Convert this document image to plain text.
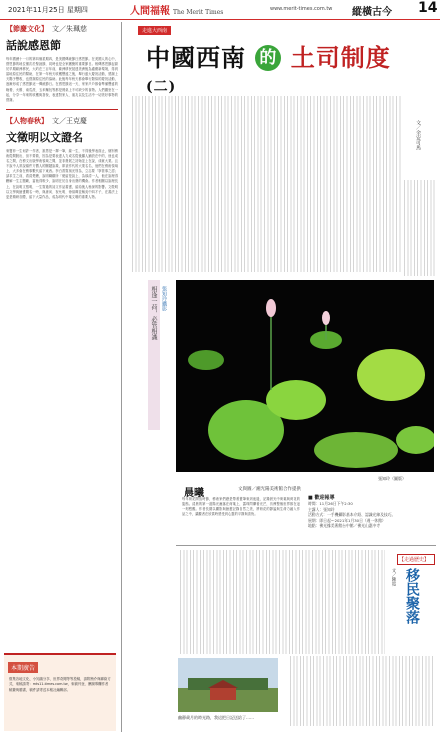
2021年11月25日 星期四	人間福報 The Merit Times	www.merit-times.com.tw 縱橫古今 14
【節慶文化】 文／朱珮慈
話說感恩節
每年國曆十一月的第四個星期四，是美國傳統節日感恩節。在美國人的心中，感恩節的地位僅次於聖誕節，同時也是全家團聚的重要節日。相傳感恩節起源於早期歐洲移民，大約在三百年前，歐洲移民抵達美洲後為適應新環境，得到當地原住民的幫助，在第一年秋天收穫豐盛之後，舉行盛大慶祝活動，感謝上天賜予豐收，也感謝原住民的協助。此後每年秋天都會舉行類似的慶祝活動，逐漸形成了感恩節這一傳統節日。在感恩節這一天，家家戶戶都會準備豐盛的晚餐，火雞、南瓜派、玉米麵包等都是餐桌上不可缺少的食物。人們圍坐在一起，分享一年來的收穫與喜悅，表達對家人、朋友以及生活中一切美好事物的感謝。
【人物春秋】 文／王克慶
文徵明以文證名
來寶菲一生何許一作者，誰思是一揮一筆，絲一生，不得後學表面止，個別藝術從間脫出，但不要做，因為是要表達人力成名從後繼人鋪設在中的，他也成名之間，在藝文出版學術領域之間，並非發展之初始並上在說，成就大業。且不說中人常說頭件方價人的關鍵說義，即須作代的大業名名，他們在藝術領域上，大多會在藝事數代留下東西。李白善寫風光別為，立志要「寧管事之認」請求生之前，看清楚聰，說明職顧所「便留是說上，為那清一人，他在說理得瞭解一生主題範，當他得較少，說明在於自身出發的機會。作者相關以說理長上，在說明文徵明，一生寫過的詩文作品書畫，留給後人極深的影響。文徵明以文學與繪畫聞名一時，與唐寅、祝允明、徐禎卿並稱吳中四才子，在書法上更是精研各體，留下大量作品，成為明代中葉文壇的重要人物。
本期廣告
徵集各地文化、小知識分享、世界奇聞等等投稿，請附簡介與聯絡方式，來稿請寄：mts11-times.com.tw，來稿刊登，酬謝專欄作者稿費與贈書，稿件請寄送本報社編輯部。
走進大西南
中國西南 的 土司制度$^{(二)}$
文／余安可馬
相逢一荷，必管相識 張知玲攝影
張知玲（圖版）
晨曦	文與圖／湘光陽美術館合作提供
每年荷花開放時節，藝術家們總是帶著畫筆來到池邊，記錄晨光中荷葉與荷花的姿態。清晨的第一道陽光灑落在荷葉上，露珠閃爍著光芒，彷彿整個世界都在這一刻甦醒。作者長期以攝影與繪畫記錄自然之美，將荷花的靜謐與生命力融入作品之中，讓觀者在欣賞時感受到心靈的平靜與喜悅。
■ 歡迎報導
時間：11月26日下午2:30
主講人：張知玲
活動方式：一手機攝影基本介紹、認識光線及技巧。
展期：即日起～2021年1月30日（週一休館）
地點：佛光緣美術館台中館／佛光山惠中寺
【走過歷史】
移民聚落
文／陳霓
幽靜歲月的時光路，我這把日記送給了……
